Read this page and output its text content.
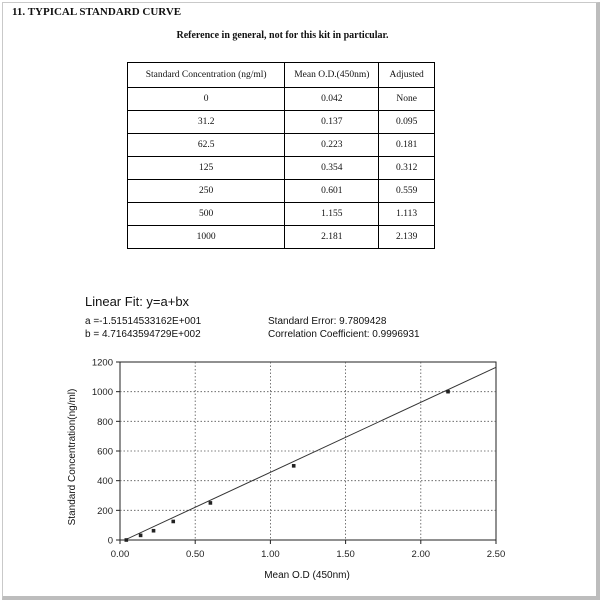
11. TYPICAL STANDARD CURVE
Reference in general, not for this kit in particular.
Standard Concentration (ng/ml)	Mean O.D.(450nm)	Adjusted
0	0.042	None
31.2	0.137	0.095
62.5	0.223	0.181
125	0.354	0.312
250	0.601	0.559
500	1.155	1.113
1000	2.181	2.139
Linear Fit: y=a+bx
a =-1.51514533162E+001
b = 4.71643594729E+002
Standard Error: 9.7809428
Correlation Coefficient: 0.9996931
Standard Concentration(ng/ml)
Mean O.D (450nm)
0
200
400
600
800
1000
1200
0.00	0.50	1.00	1.50	2.00	2.50
